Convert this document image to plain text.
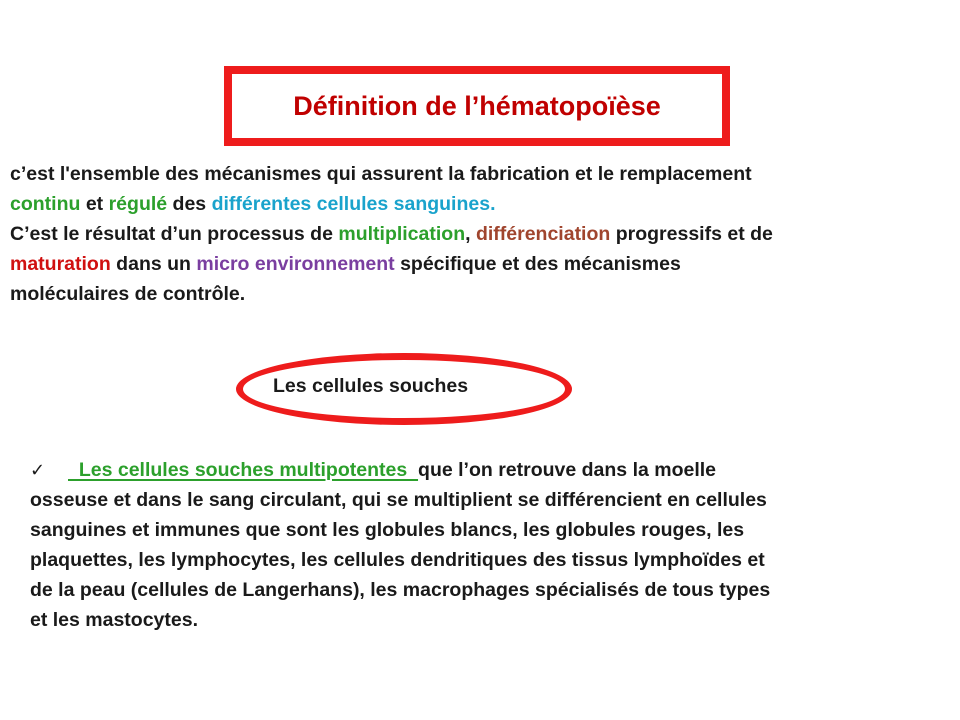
Définition de l’hématopoïèse
c’est l'ensemble des mécanismes qui assurent la fabrication et le remplacement
continu et régulé des différentes cellules sanguines.
C’est le résultat d’un processus de multiplication, différenciation progressifs et de
maturation dans un micro environnement spécifique et des mécanismes
moléculaires de contrôle.
Les cellules souches
✓  Les cellules souches multipotentes  que l’on retrouve dans la moelle
osseuse et dans le sang circulant, qui se multiplient se différencient en cellules
sanguines et immunes que sont les globules blancs, les globules rouges, les
plaquettes, les lymphocytes, les cellules dendritiques des tissus lymphoïdes et
de la peau (cellules de Langerhans), les macrophages spécialisés de tous types
et les mastocytes.
